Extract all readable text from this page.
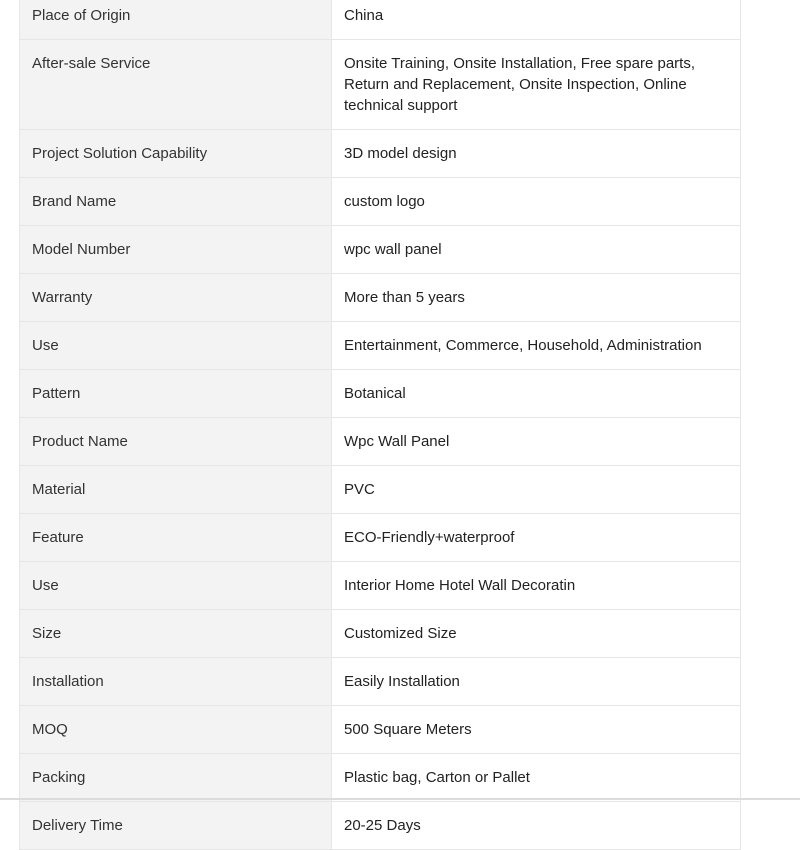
Place of Origin	China
After-sale Service	Onsite Training, Onsite Installation, Free spare parts, Return and Replacement, Onsite Inspection, Online technical support
Project Solution Capability	3D model design
Brand Name	custom logo
Model Number	wpc wall panel
Warranty	More than 5 years
Use	Entertainment, Commerce, Household, Administration
Pattern	Botanical
Product Name	Wpc Wall Panel
Material	PVC
Feature	ECO-Friendly+waterproof
Use	Interior Home Hotel Wall Decoratin
Size	Customized Size
Installation	Easily Installation
MOQ	500 Square Meters
Packing	Plastic bag, Carton or Pallet
Delivery Time	20-25 Days
